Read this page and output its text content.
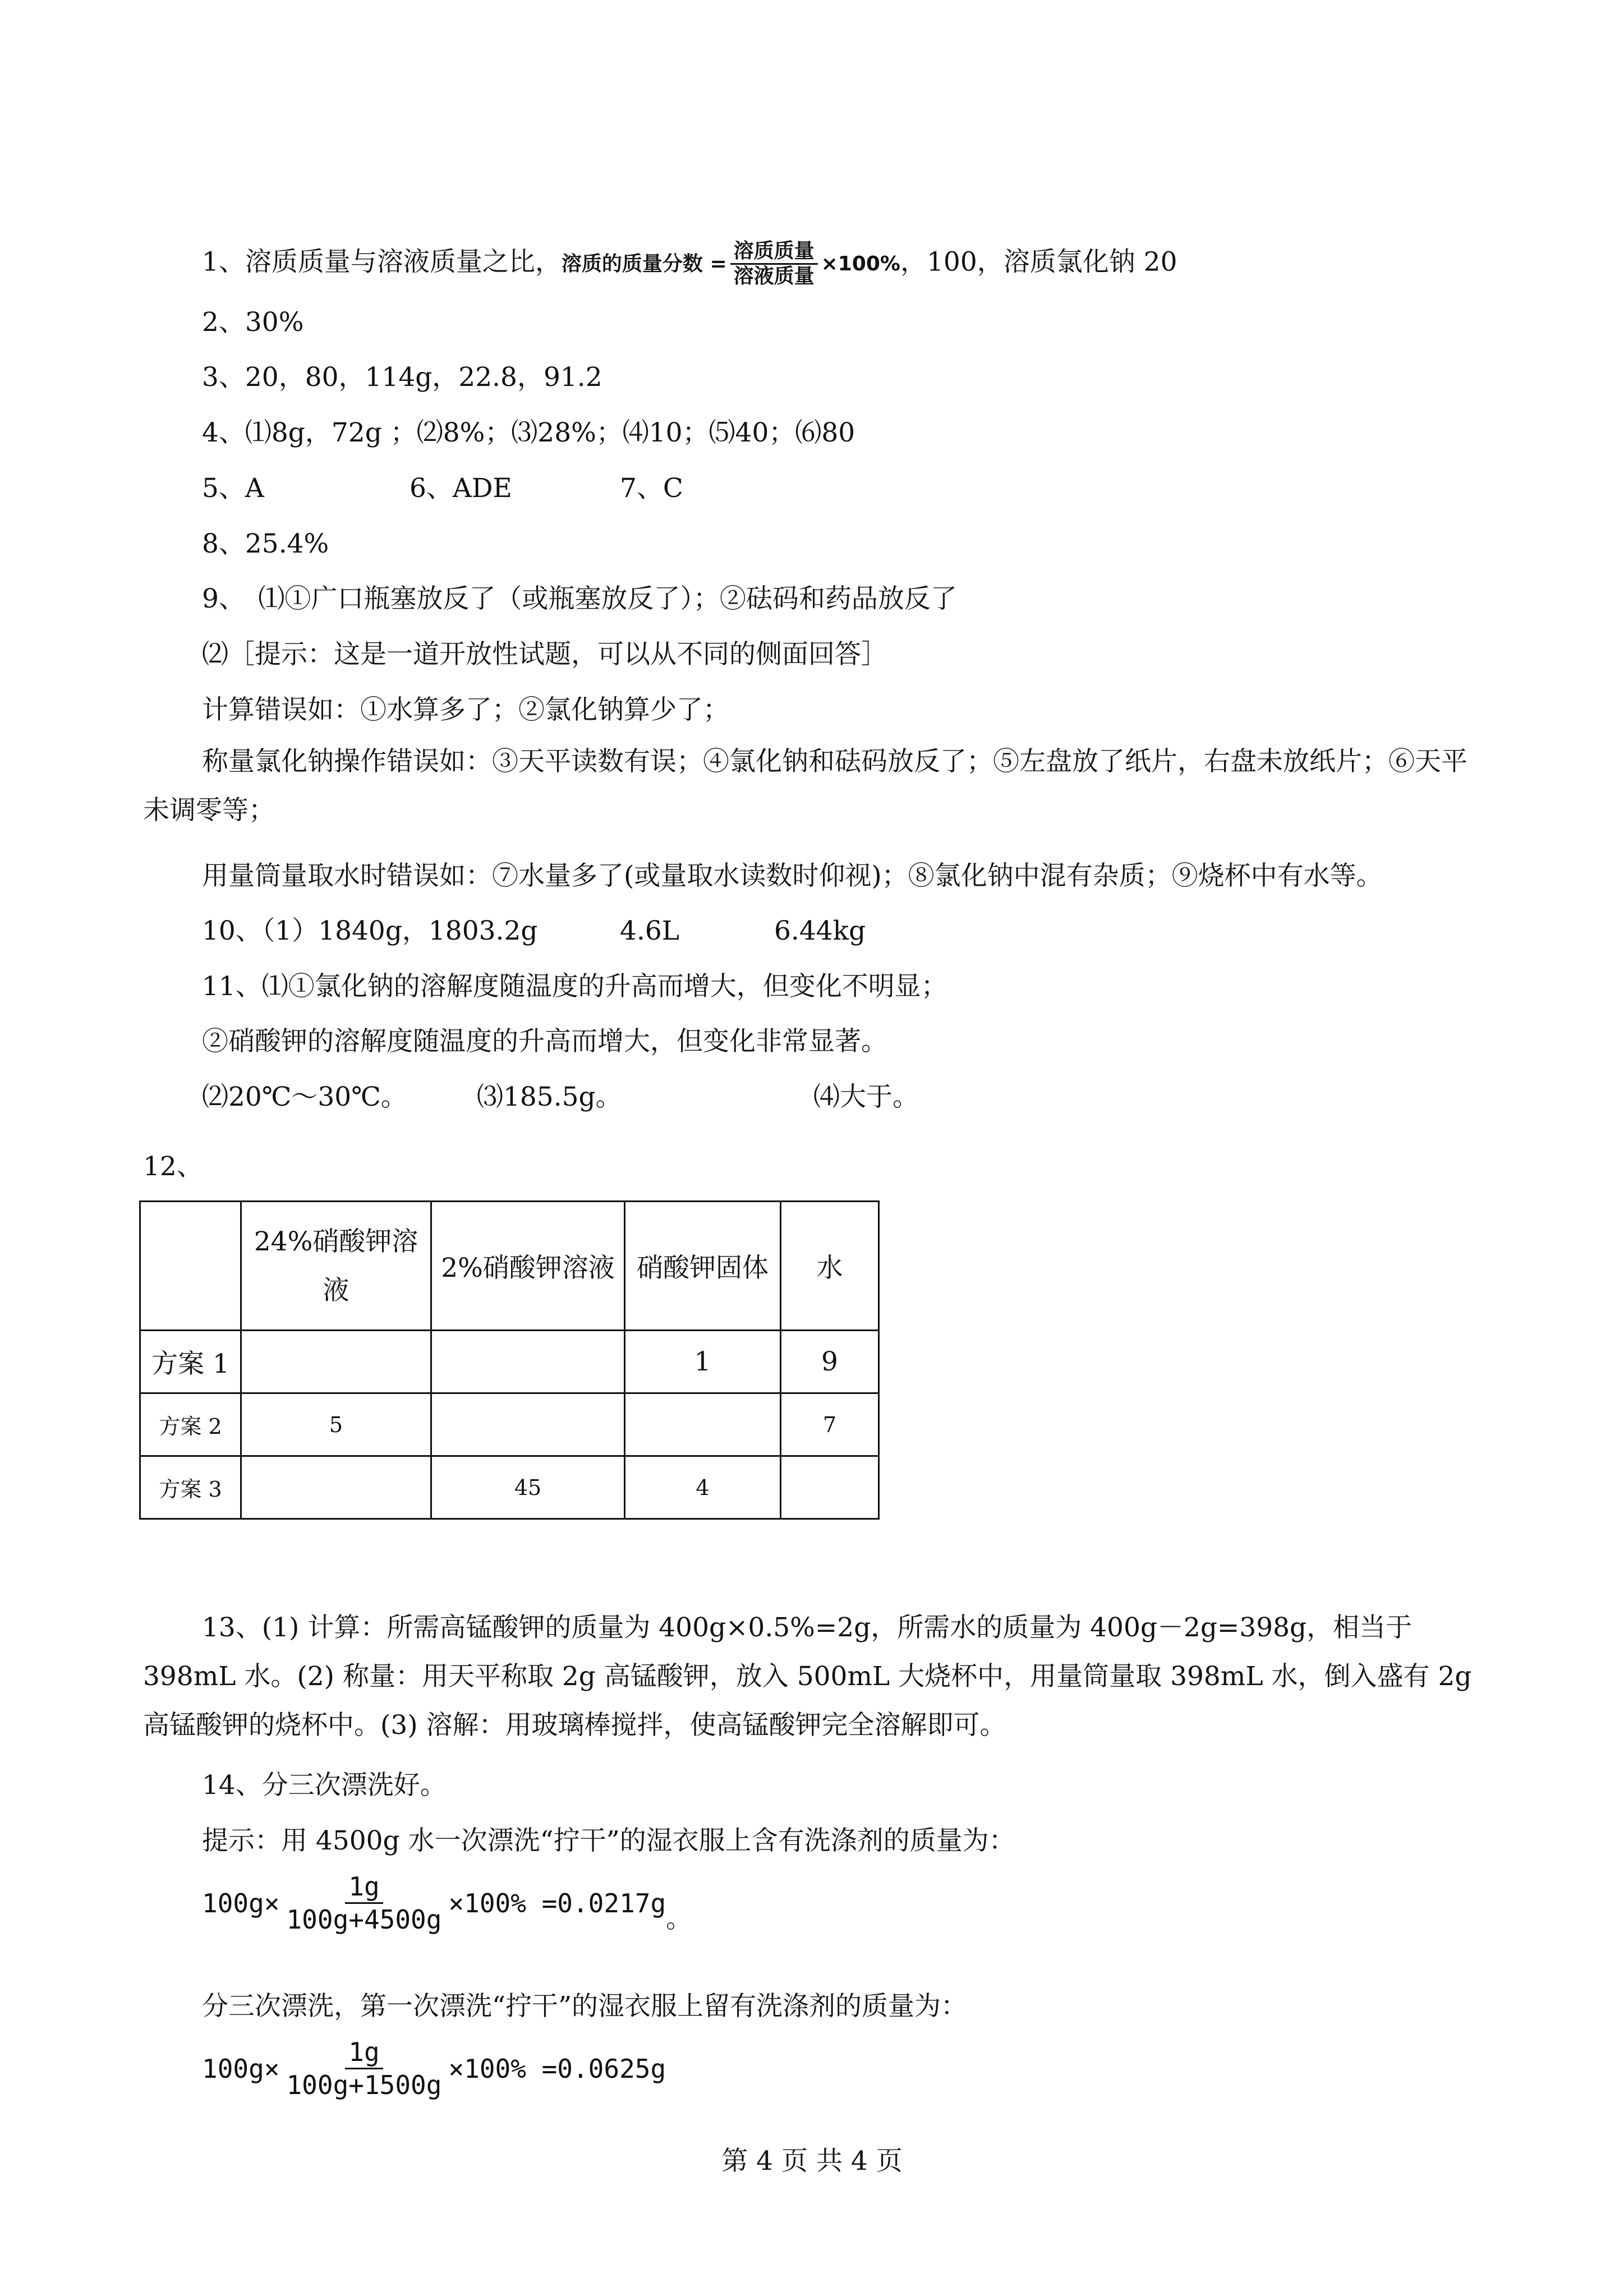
1、溶质质量与溶液质量之比， 溶质的质量分数 = $\frac{\text{溶质质量}}{\text{溶液质量}} \times 100\%$ ，100，溶质氯化钠 20
2、30%
3、20，80，114g，22.8，91.2
4、⑴8g，72g ；⑵8%；⑶28%；⑷10；⑸40；⑹80
5、A	6、ADE	7、C
8、25.4%
9、　⑴①广口瓶塞放反了（或瓶塞放反了）；②砝码和药品放反了
⑵［提示：这是一道开放性试题，可以从不同的侧面回答］
计算错误如：①水算多了；②氯化钠算少了；
称量氯化钠操作错误如：③天平读数有误；④氯化钠和砝码放反了；⑤左盘放了纸片，右盘未放纸片；⑥天平未调零等；
用量筒量取水时错误如：⑦水量多了(或量取水读数时仰视)；⑧氯化钠中混有杂质；⑨烧杯中有水等。
10、（1）1840g，1803.2g	4.6L	6.44kg
11、⑴①氯化钠的溶解度随温度的升高而增大，但变化不明显；
②硝酸钾的溶解度随温度的升高而增大，但变化非常显著。
⑵20℃～30℃。	⑶185.5g。	⑷大于。
12、
	24%硝酸钾溶
液	2%硝酸钾溶液	硝酸钾固体	水
方案 1			1	9
方案 2	5			7
方案 3		45	4	
13、(1) 计算：所需高锰酸钾的质量为 400g×0.5%=2g，所需水的质量为 400g－2g=398g，相当于 398mL 水。(2) 称量：用天平称取 2g 高锰酸钾，放入 500mL 大烧杯中，用量筒量取 398mL 水，倒入盛有 2g 高锰酸钾的烧杯中。(3) 溶解：用玻璃棒搅拌，使高锰酸钾完全溶解即可。
14、分三次漂洗好。
提示：用 4500g 水一次漂洗“拧干”的湿衣服上含有洗涤剂的质量为：
$100g\times \frac{1g}{100g+4500g} \times 100\% =0.0217g$
。
分三次漂洗，第一次漂洗“拧干”的湿衣服上留有洗涤剂的质量为：
$100g\times \frac{1g}{100g+1500g} \times 100\% =0.0625g$
第 4 页 共 4 页
